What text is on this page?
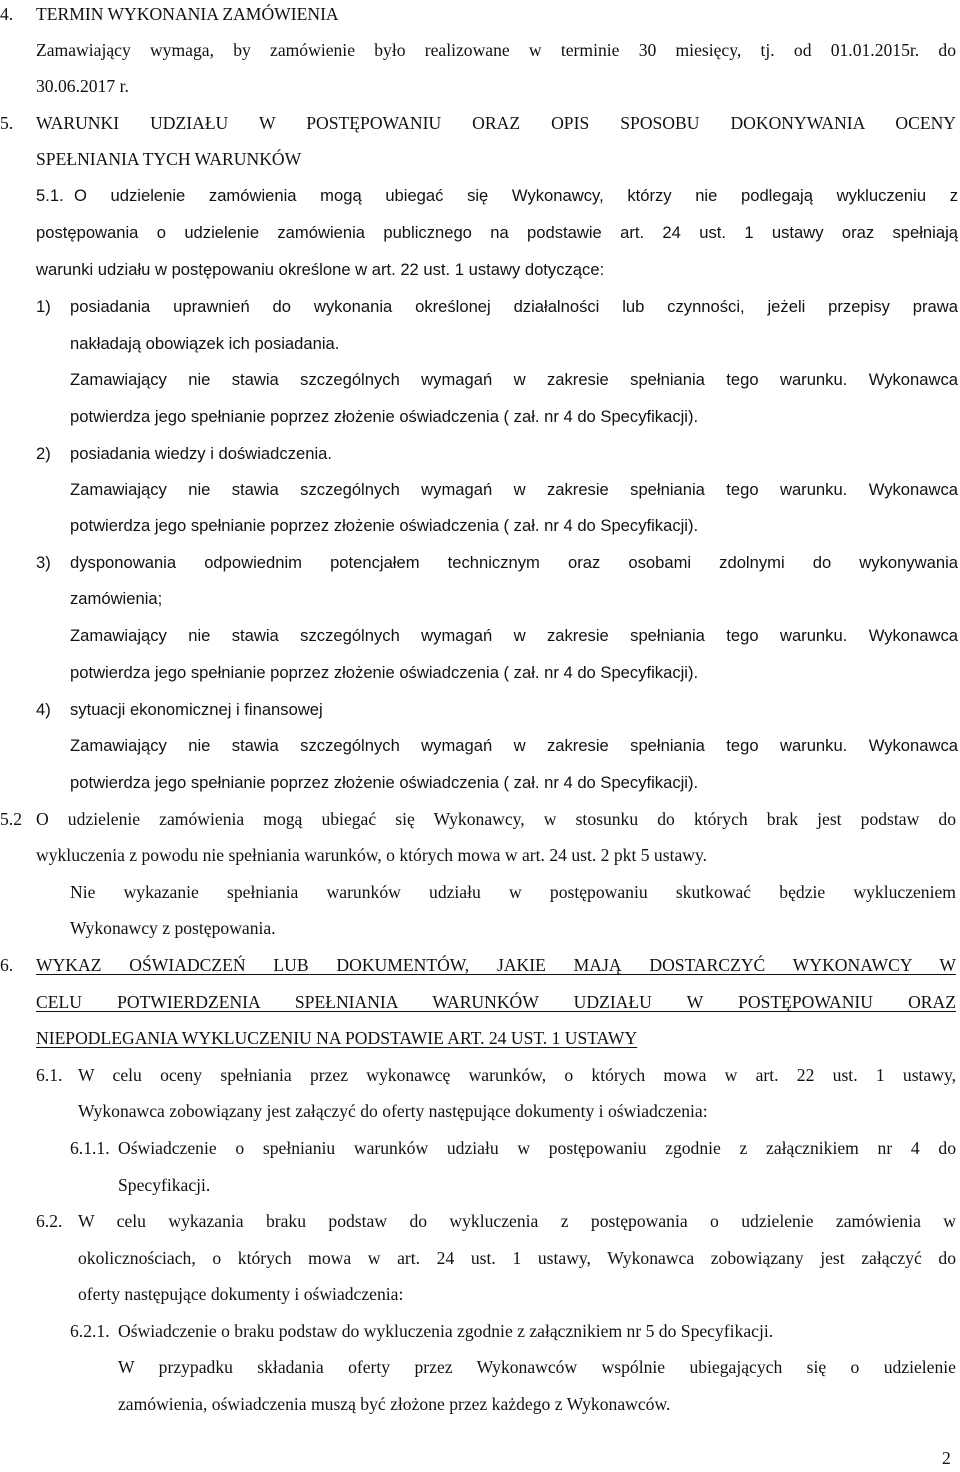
4. TERMIN WYKONANIA ZAMÓWIENIA
Zamawiający wymaga, by zamówienie było realizowane w terminie 30 miesięcy, tj. od 01.01.2015r. do
30.06.2017 r.
5. WARUNKI UDZIAŁU W POSTĘPOWANIU ORAZ OPIS SPOSOBU DOKONYWANIA OCENY
SPEŁNIANIA TYCH WARUNKÓW
5.1. O udzielenie zamówienia mogą ubiegać się Wykonawcy, którzy nie podlegają wykluczeniu z
postępowania o udzielenie zamówienia publicznego na podstawie art. 24 ust. 1 ustawy oraz spełniają
warunki udziału w postępowaniu określone w art. 22 ust. 1 ustawy dotyczące:
1) posiadania uprawnień do wykonania określonej działalności lub czynności, jeżeli przepisy prawa
nakładają obowiązek ich posiadania.
Zamawiający nie stawia szczególnych wymagań w zakresie spełniania tego warunku. Wykonawca
potwierdza jego spełnianie poprzez złożenie oświadczenia ( zał. nr 4 do Specyfikacji).
2) posiadania wiedzy i doświadczenia.
Zamawiający nie stawia szczególnych wymagań w zakresie spełniania tego warunku. Wykonawca
potwierdza jego spełnianie poprzez złożenie oświadczenia ( zał. nr 4 do Specyfikacji).
3) dysponowania odpowiednim potencjałem technicznym oraz osobami zdolnymi do wykonywania
zamówienia;
Zamawiający nie stawia szczególnych wymagań w zakresie spełniania tego warunku. Wykonawca
potwierdza jego spełnianie poprzez złożenie oświadczenia ( zał. nr 4 do Specyfikacji).
4) sytuacji ekonomicznej i finansowej
Zamawiający nie stawia szczególnych wymagań w zakresie spełniania tego warunku. Wykonawca
potwierdza jego spełnianie poprzez złożenie oświadczenia ( zał. nr 4 do Specyfikacji).
5.2 O udzielenie zamówienia mogą ubiegać się Wykonawcy, w stosunku do których brak jest podstaw do
wykluczenia z powodu nie spełniania warunków, o których mowa w art. 24 ust. 2 pkt 5 ustawy.
Nie wykazanie spełniania warunków udziału w postępowaniu skutkować będzie wykluczeniem
Wykonawcy z postępowania.
6. WYKAZ OŚWIADCZEŃ LUB DOKUMENTÓW, JAKIE MAJĄ DOSTARCZYĆ WYKONAWCY W
CELU POTWIERDZENIA SPEŁNIANIA WARUNKÓW UDZIAŁU W POSTĘPOWANIU ORAZ
NIEPODLEGANIA WYKLUCZENIU NA PODSTAWIE ART. 24 UST. 1 USTAWY
6.1. W celu oceny spełniania przez wykonawcę warunków, o których mowa w art. 22 ust. 1 ustawy,
Wykonawca zobowiązany jest załączyć do oferty następujące dokumenty i oświadczenia:
6.1.1. Oświadczenie o spełnianiu warunków udziału w postępowaniu zgodnie z załącznikiem nr 4 do
Specyfikacji.
6.2. W celu wykazania braku podstaw do wykluczenia z postępowania o udzielenie zamówienia w
okolicznościach, o których mowa w art. 24 ust. 1 ustawy, Wykonawca zobowiązany jest załączyć do
oferty następujące dokumenty i oświadczenia:
6.2.1. Oświadczenie o braku podstaw do wykluczenia zgodnie z załącznikiem nr 5 do Specyfikacji.
W przypadku składania oferty przez Wykonawców wspólnie ubiegających się o udzielenie
zamówienia, oświadczenia muszą być złożone przez każdego z Wykonawców.
2
